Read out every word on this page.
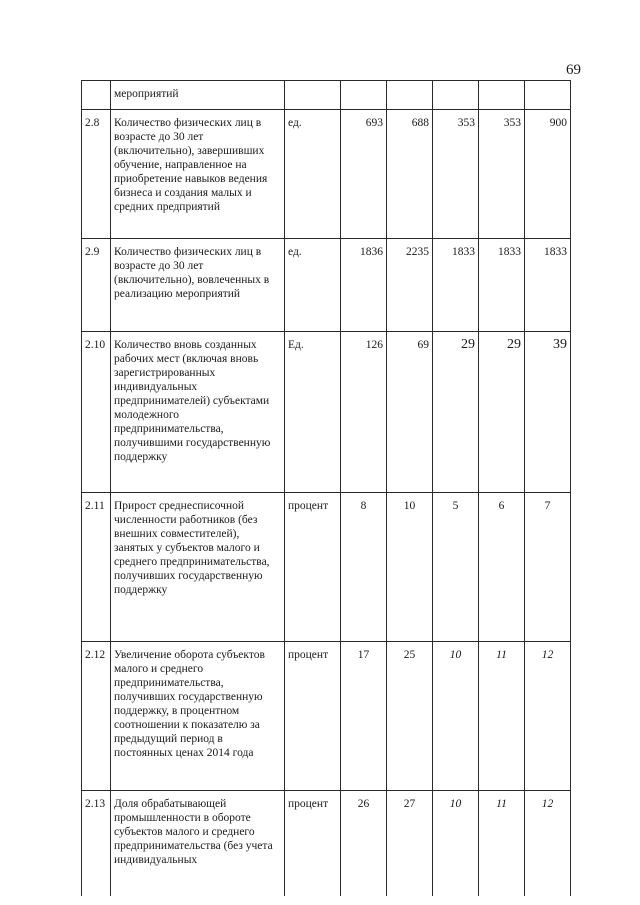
69
	мероприятий						
2.8	Количество физических лиц в возрасте до 30 лет (включительно), завершивших обучение, направленное на приобретение навыков ведения бизнеса и создания малых и средних предприятий	ед.	693	688	353	353	900
2.9	Количество физических лиц в возрасте до 30 лет (включительно), вовлеченных в реализацию мероприятий	ед.	1836	2235	1833	1833	1833
2.10	Количество вновь созданных рабочих мест (включая вновь зарегистрированных индивидуальных предпринимателей) субъектами молодежного предпринимательства, получившими государственную поддержку	Ед.	126	69	29	29	39
2.11	Прирост среднесписочной численности работников (без внешних совместителей), занятых у субъектов малого и среднего предпринимательства, получивших государственную поддержку	процент	8	10	5	6	7
2.12	Увеличение оборота субъектов малого и среднего предпринимательства, получивших государственную поддержку, в процентном соотношении к показателю за предыдущий период в постоянных ценах 2014 года	процент	17	25	10	11	12
2.13	Доля обрабатывающей промышленности в обороте субъектов малого и среднего предпринимательства (без учета индивидуальных	процент	26	27	10	11	12
